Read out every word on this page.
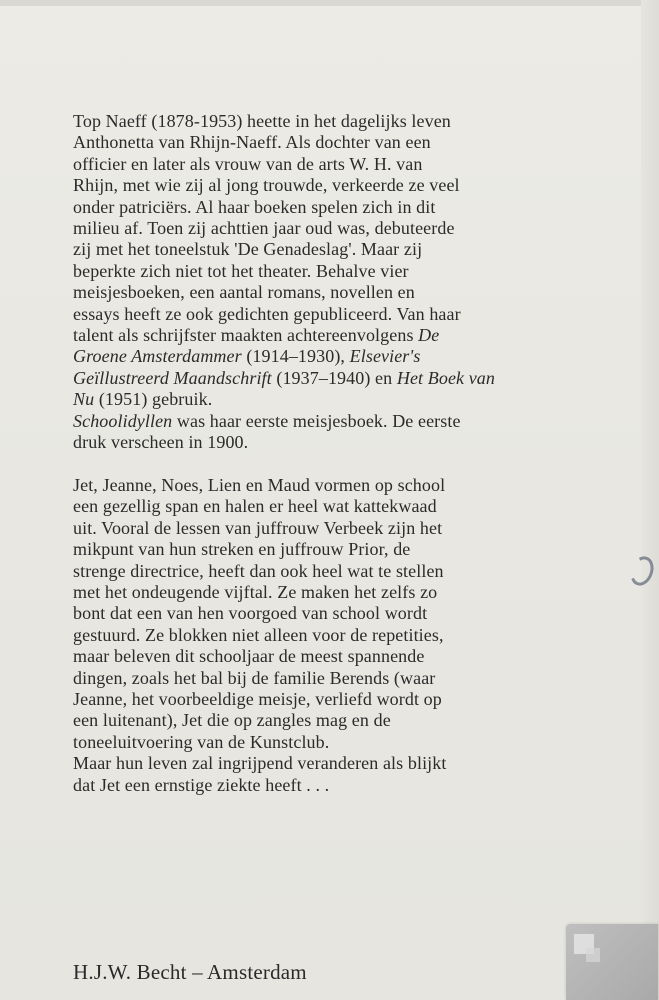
Top Naeff (1878-1953) heette in het dagelijks leven
Anthonetta van Rhijn-Naeff. Als dochter van een
officier en later als vrouw van de arts W. H. van
Rhijn, met wie zij al jong trouwde, verkeerde ze veel
onder patriciërs. Al haar boeken spelen zich in dit
milieu af. Toen zij achttien jaar oud was, debuteerde
zij met het toneelstuk 'De Genadeslag'. Maar zij
beperkte zich niet tot het theater. Behalve vier
meisjesboeken, een aantal romans, novellen en
essays heeft ze ook gedichten gepubliceerd. Van haar
talent als schrijfster maakten achtereenvolgens De
Groene Amsterdammer (1914–1930), Elsevier's
Geïllustreerd Maandschrift (1937–1940) en Het Boek van
Nu (1951) gebruik.
Schoolidyllen was haar eerste meisjesboek. De eerste
druk verscheen in 1900.
Jet, Jeanne, Noes, Lien en Maud vormen op school
een gezellig span en halen er heel wat kattekwaad
uit. Vooral de lessen van juffrouw Verbeek zijn het
mikpunt van hun streken en juffrouw Prior, de
strenge directrice, heeft dan ook heel wat te stellen
met het ondeugende vijftal. Ze maken het zelfs zo
bont dat een van hen voorgoed van school wordt
gestuurd. Ze blokken niet alleen voor de repetities,
maar beleven dit schooljaar de meest spannende
dingen, zoals het bal bij de familie Berends (waar
Jeanne, het voorbeeldige meisje, verliefd wordt op
een luitenant), Jet die op zangles mag en de
toneeluitvoering van de Kunstclub.
Maar hun leven zal ingrijpend veranderen als blijkt
dat Jet een ernstige ziekte heeft . . .
H.J.W. Becht – Amsterdam
